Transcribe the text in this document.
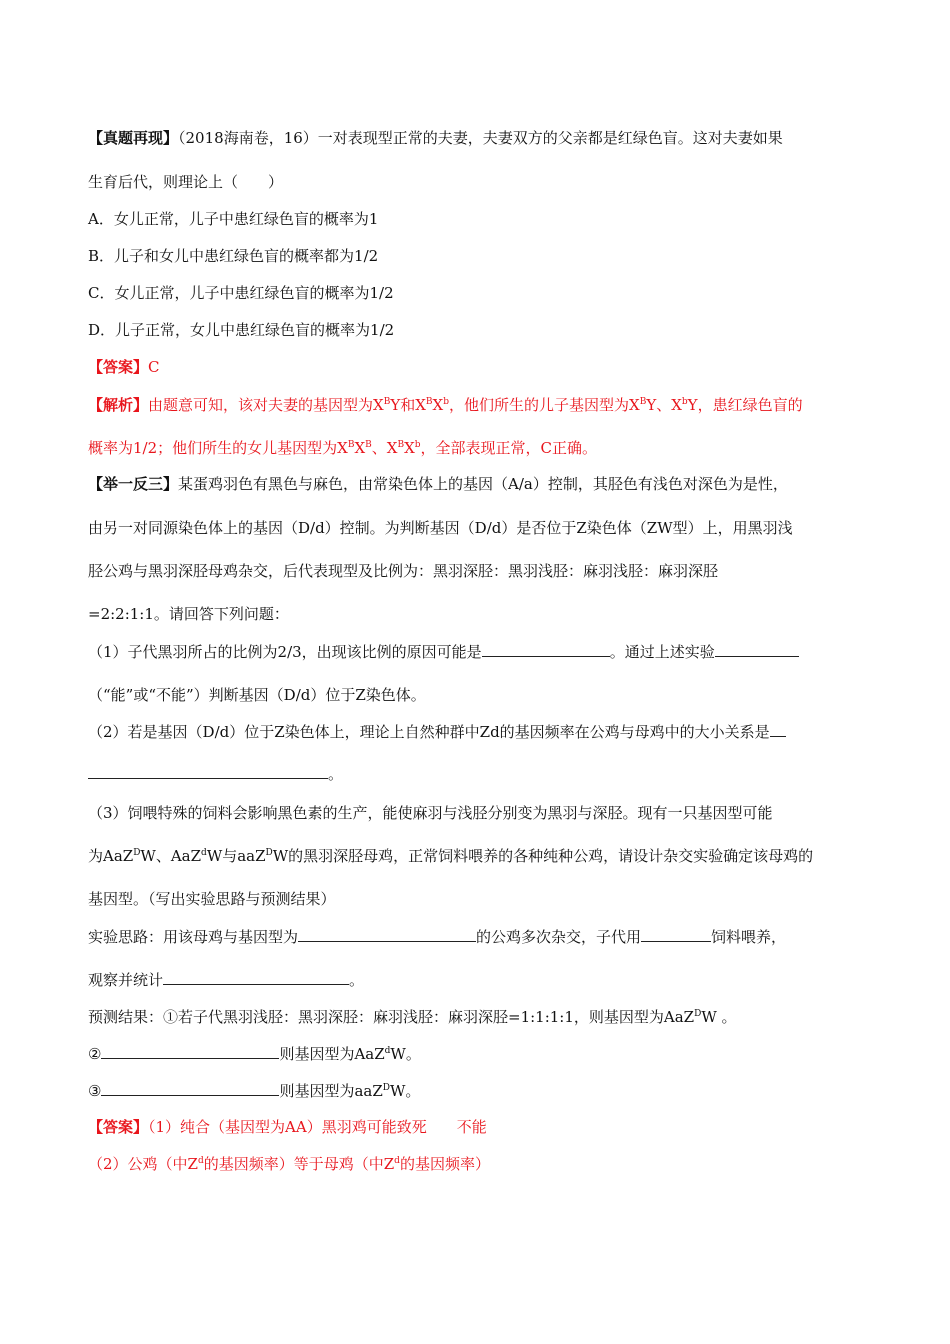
【真题再现】（2018海南卷，16）一对表现型正常的夫妻，夫妻双方的父亲都是红绿色盲。这对夫妻如果
生育后代，则理论上（　　）
A．女儿正常，儿子中患红绿色盲的概率为1
B．儿子和女儿中患红绿色盲的概率都为1/2
C．女儿正常，儿子中患红绿色盲的概率为1/2
D．儿子正常，女儿中患红绿色盲的概率为1/2
【答案】C
【解析】由题意可知，该对夫妻的基因型为$X^BY$和$X^BX^b$，他们所生的儿子基因型为$X^BY$、$X^bY$，患红绿色盲的
概率为1/2；他们所生的女儿基因型为$X^BX^B$、$X^BX^b$，全部表现正常，C正确。
【举一反三】某蛋鸡羽色有黑色与麻色，由常染色体上的基因（A/a）控制，其胫色有浅色对深色为是性，
由另一对同源染色体上的基因（D/d）控制。为判断基因（D/d）是否位于Z染色体（ZW型）上，用黑羽浅
胫公鸡与黑羽深胫母鸡杂交，后代表现型及比例为：黑羽深胫：黑羽浅胫：麻羽浅胫：麻羽深胫
=2:2:1:1。请回答下列问题：
（1）子代黑羽所占的比例为2/3，出现该比例的原因可能是	。通过上述实验
（“能”或“不能”）判断基因（D/d）位于Z染色体。
（2）若是基因（D/d）位于Z染色体上，理论上自然种群中Zd的基因频率在公鸡与母鸡中的大小关系是
。
（3）饲喂特殊的饲料会影响黑色素的生产，能使麻羽与浅胫分别变为黑羽与深胫。现有一只基因型可能
为AaZ$^D$W、AaZ$^d$W与aaZ$^D$W的黑羽深胫母鸡，正常饲料喂养的各种纯种公鸡，请设计杂交实验确定该母鸡的
基因型。（写出实验思路与预测结果）
实验思路：用该母鸡与基因型为	的公鸡多次杂交，子代用	饲料喂养，
观察并统计	。
预测结果：①若子代黑羽浅胫：黑羽深胫：麻羽浅胫：麻羽深胫=1:1:1:1，则基因型为AaZ$^D$W 。
②	则基因型为AaZ$^d$W。
③	则基因型为aaZ$^D$W。
【答案】（1）纯合（基因型为AA）黑羽鸡可能致死 不能
（2）公鸡（中$Z^d$的基因频率）等于母鸡（中$Z^d$的基因频率）
